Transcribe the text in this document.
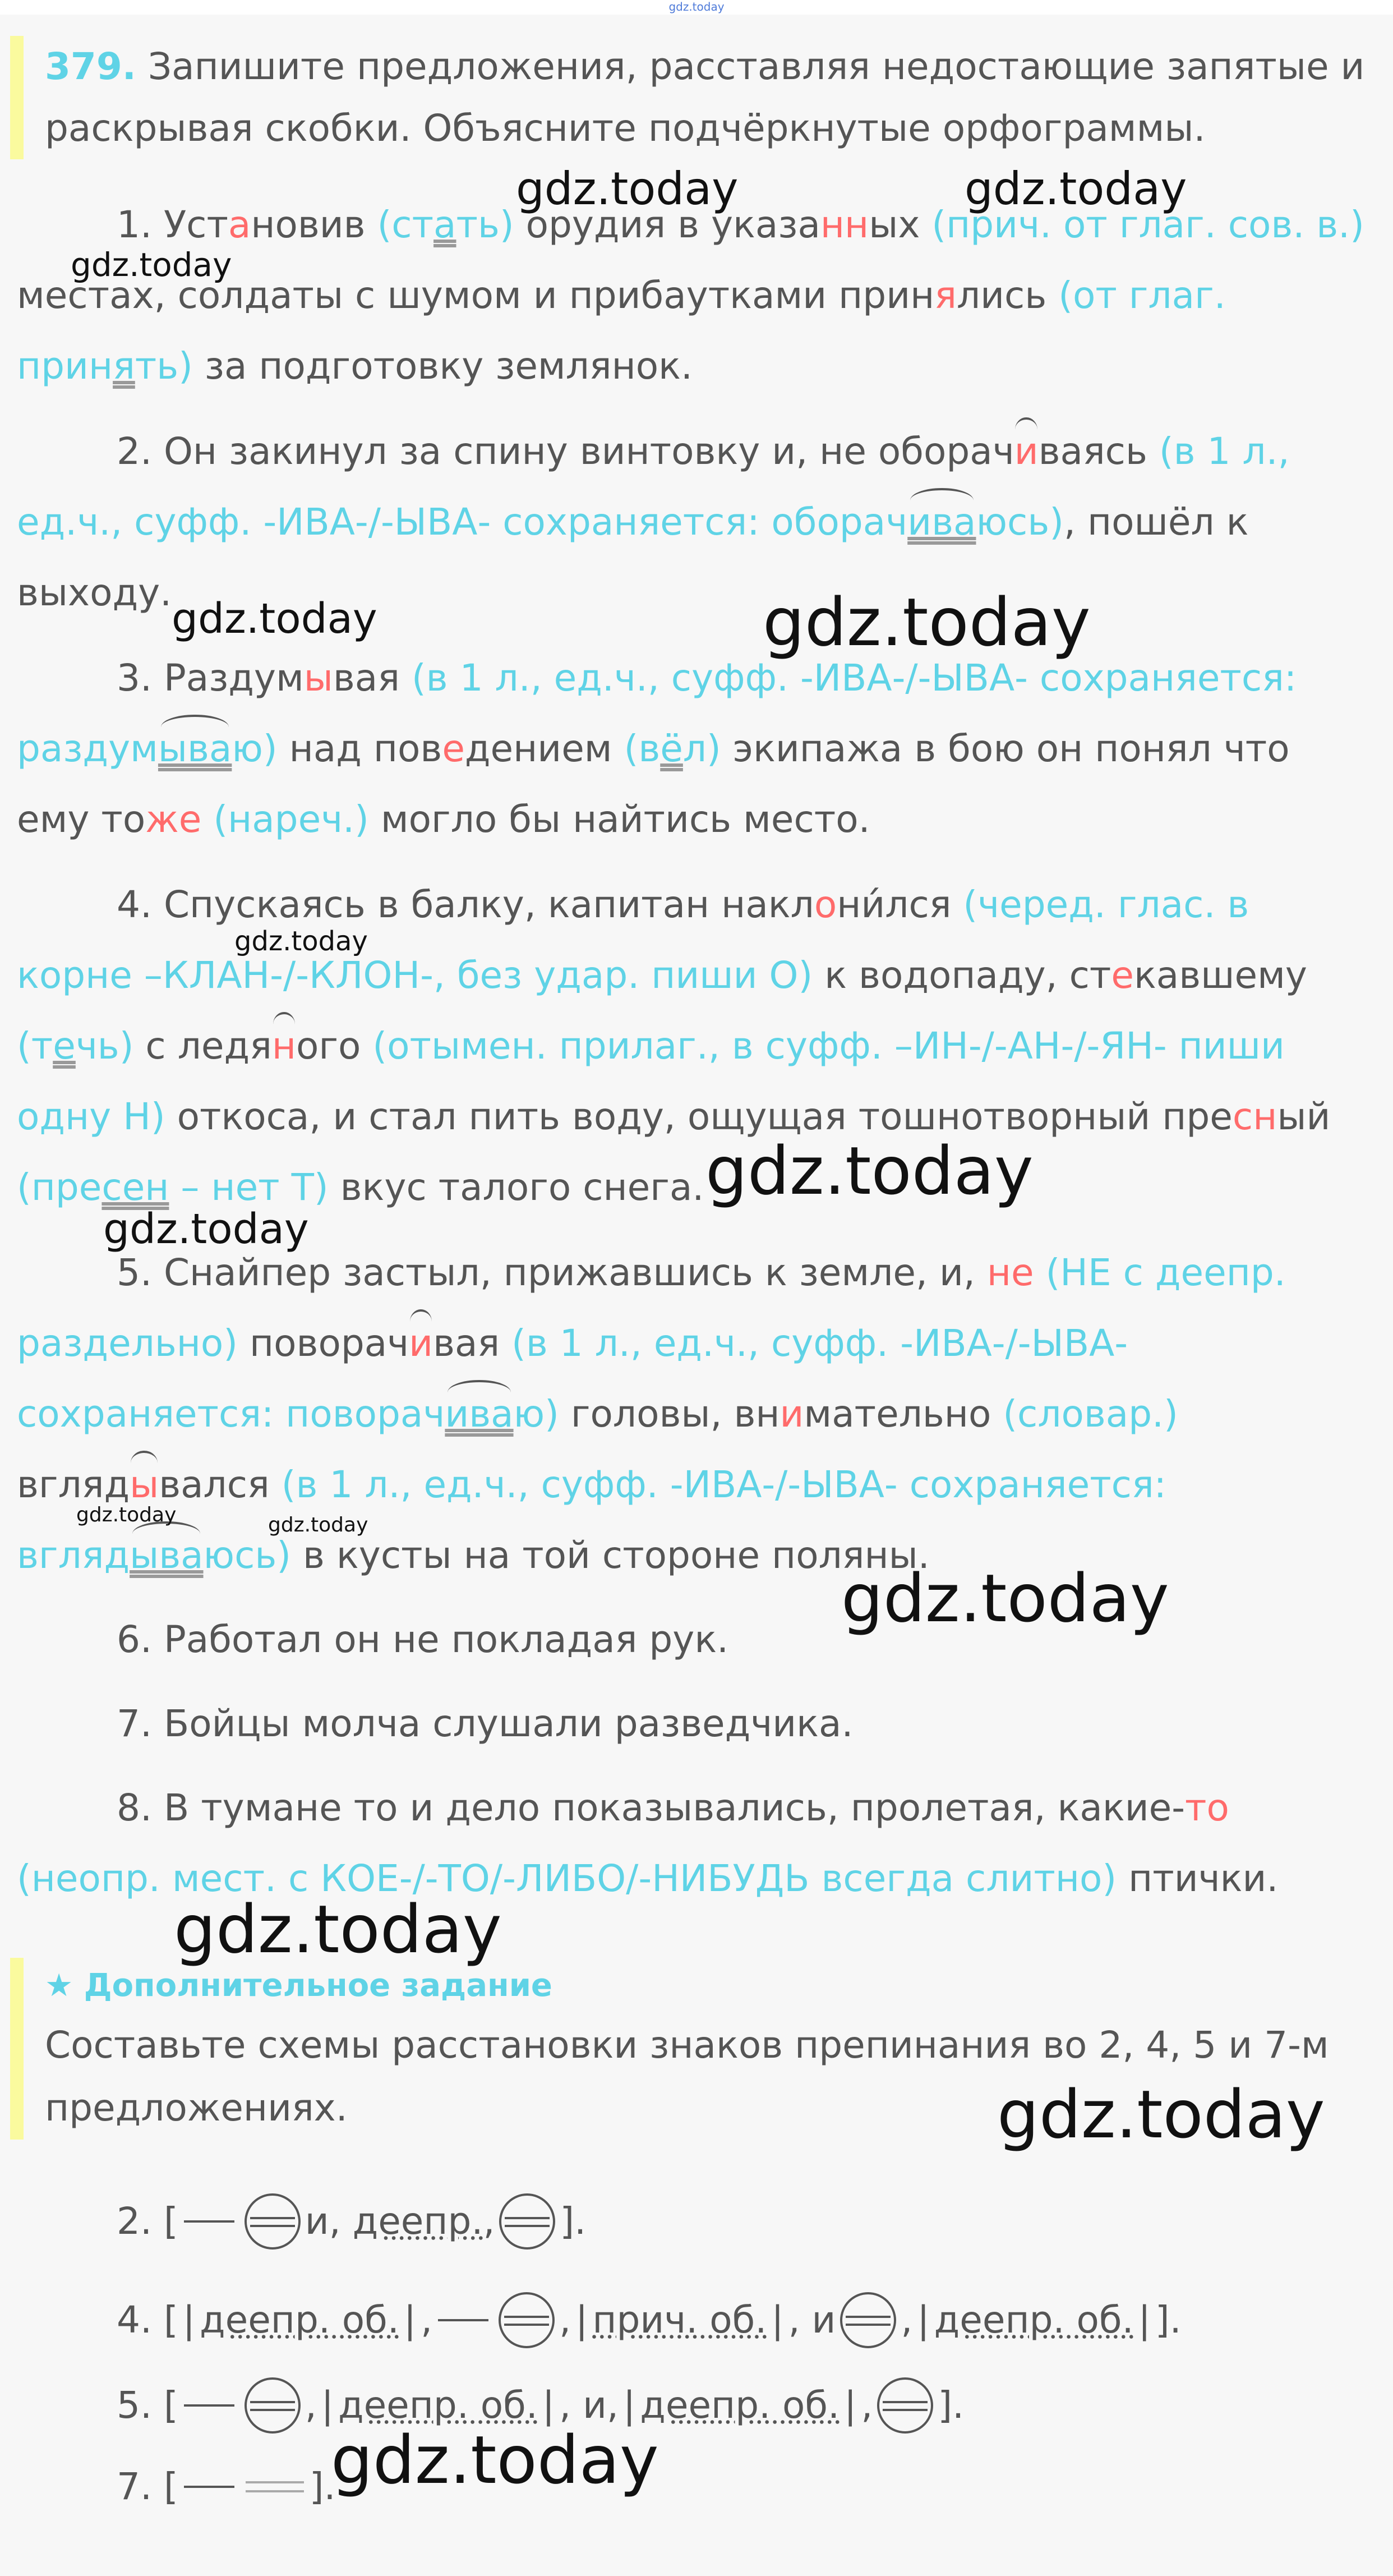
gdz.today
379. Запишите предложения, расставляя недостающие запятые и раскрывая скобки. Объясните подчёркнутые орфограммы.
1. Установив (стать) орудия в указанных (прич. от глаг. сов. в.) местах, солдаты с шумом и прибаутками принялись (от глаг. принять) за подготовку землянок.
2. Он закинул за спину винтовку и, не оборачиваясь (в 1 л., ед.ч., суфф. -ИВА-/-ЫВА- сохраняется: оборачиваюсь), пошёл к выходу.
3. Раздумывая (в 1 л., ед.ч., суфф. -ИВА-/-ЫВА- сохраняется: раздумываю) над поведением (вёл) экипажа в бою он понял что ему тоже (нареч.) могло бы найтись место.
4. Спускаясь в балку, капитан наклони́лся (черед. глас. в корне –КЛАН-/-КЛОН-, без удар. пиши О) к водопаду, стекавшему (течь) с ледяного (отымен. прилаг., в суфф. –ИН-/-АН-/-ЯН- пиши одну Н) откоса, и стал пить воду, ощущая тошнотворный пресный (пресен – нет Т) вкус талого снега.
5. Снайпер застыл, прижавшись к земле, и, не (НЕ с деепр. раздельно) поворачивая (в 1 л., ед.ч., суфф. -ИВА-/-ЫВА- сохраняется: поворачиваю) головы, внимательно (словар.) вглядывался (в 1 л., ед.ч., суфф. -ИВА-/-ЫВА- сохраняется: вглядываюсь) в кусты на той стороне поляны.
6. Работал он не покладая рук.
7. Бойцы молча слушали разведчика.
8. В тумане то и дело показывались, пролетая, какие-то (неопр. мест. с КОЕ-/-ТО/-ЛИБО/-НИБУДЬ всегда слитно) птички.
★ Дополнительное задание
Составьте схемы расстановки знаков препинания во 2, 4, 5 и 7-м предложениях.
2. [	и,
деепр. , ].
4. [ | деепр. об. | ,	, | прич. об. | , и , | деепр. об. | ].
5. [	, | деепр. об. | , и, | деепр. об. | , ].
7. [	].
gdz.today	gdz.today
gdz.today
gdz.today	gdz.today
gdz.today
gdz.today
gdz.today
gdz.today	gdz.today
gdz.today
gdz.today
gdz.today
gdz.today
